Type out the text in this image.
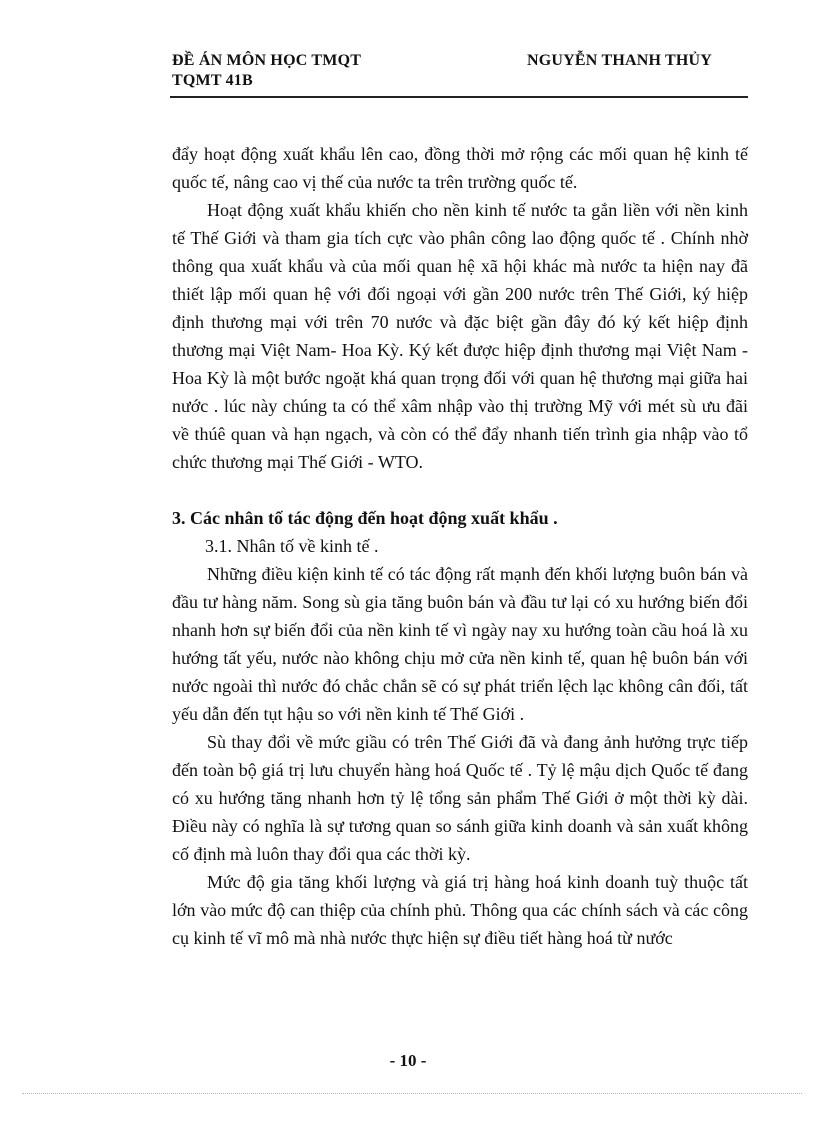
ĐỀ ÁN MÔN HỌC TMQT	NGUYỄN THANH THỦY
TQMT 41B

đẩy hoạt động xuất khẩu lên cao, đồng thời mở rộng các mối quan hệ kinh tế quốc tế, nâng cao vị thế của nước ta trên trường quốc tế.

Hoạt động xuất khẩu khiến cho nền kinh tế nước ta gắn liền với nền kinh tế Thế Giới và tham gia tích cực vào phân công lao động quốc tế . Chính nhờ thông qua xuất khẩu và của mối quan hệ xã hội khác mà nước ta hiện nay đã thiết lập mối quan hệ với đối ngoại với gần 200 nước trên Thế Giới, ký hiệp định thương mại với trên 70 nước và đặc biệt gần đây đó ký kết hiệp định thương mại Việt Nam- Hoa Kỳ. Ký kết được hiệp định thương mại Việt Nam - Hoa Kỳ là một bước ngoặt khá quan trọng đối với quan hệ thương mại giữa hai nước . lúc này chúng ta có thể xâm nhập vào thị trường Mỹ với mét sù ưu đãi về thúê quan và hạn ngạch, và còn có thể đẩy nhanh tiến trình gia nhập vào tổ chức thương mại Thế Giới - WTO.

3. Các nhân tố tác động đến hoạt động xuất khẩu .

3.1. Nhân tố về kinh tế .

Những điều kiện kinh tế có tác động rất mạnh đến khối lượng buôn bán và đầu tư hàng năm. Song sù gia tăng buôn bán và đầu tư lại có xu hướng biến đổi nhanh hơn sự biến đổi của nền kinh tế vì ngày nay xu hướng toàn cầu hoá là xu hướng tất yếu, nước nào không chịu mở cửa nền kinh tế, quan hệ buôn bán với nước ngoài thì nước đó chắc chắn sẽ có sự phát triển lệch lạc không cân đối, tất yếu dẫn đến tụt hậu so với nền kinh tế Thế Giới .

Sù thay đổi về mức giầu có trên Thế Giới đã và đang ảnh hưởng trực tiếp đến toàn bộ giá trị lưu chuyển hàng hoá Quốc tế . Tỷ lệ mậu dịch Quốc tế đang có xu hướng tăng nhanh hơn tỷ lệ tổng sản phẩm Thế Giới ở một thời kỳ dài. Điều này có nghĩa là sự tương quan so sánh giữa kinh doanh và sản xuất không cố định mà luôn thay đổi qua các thời kỳ.

Mức độ gia tăng khối lượng và giá trị hàng hoá kinh doanh tuỳ thuộc tất lớn vào mức độ can thiệp của chính phủ. Thông qua các chính sách và các công cụ kinh tế vĩ mô mà nhà nước thực hiện sự điều tiết hàng hoá từ nước

- 10 -
